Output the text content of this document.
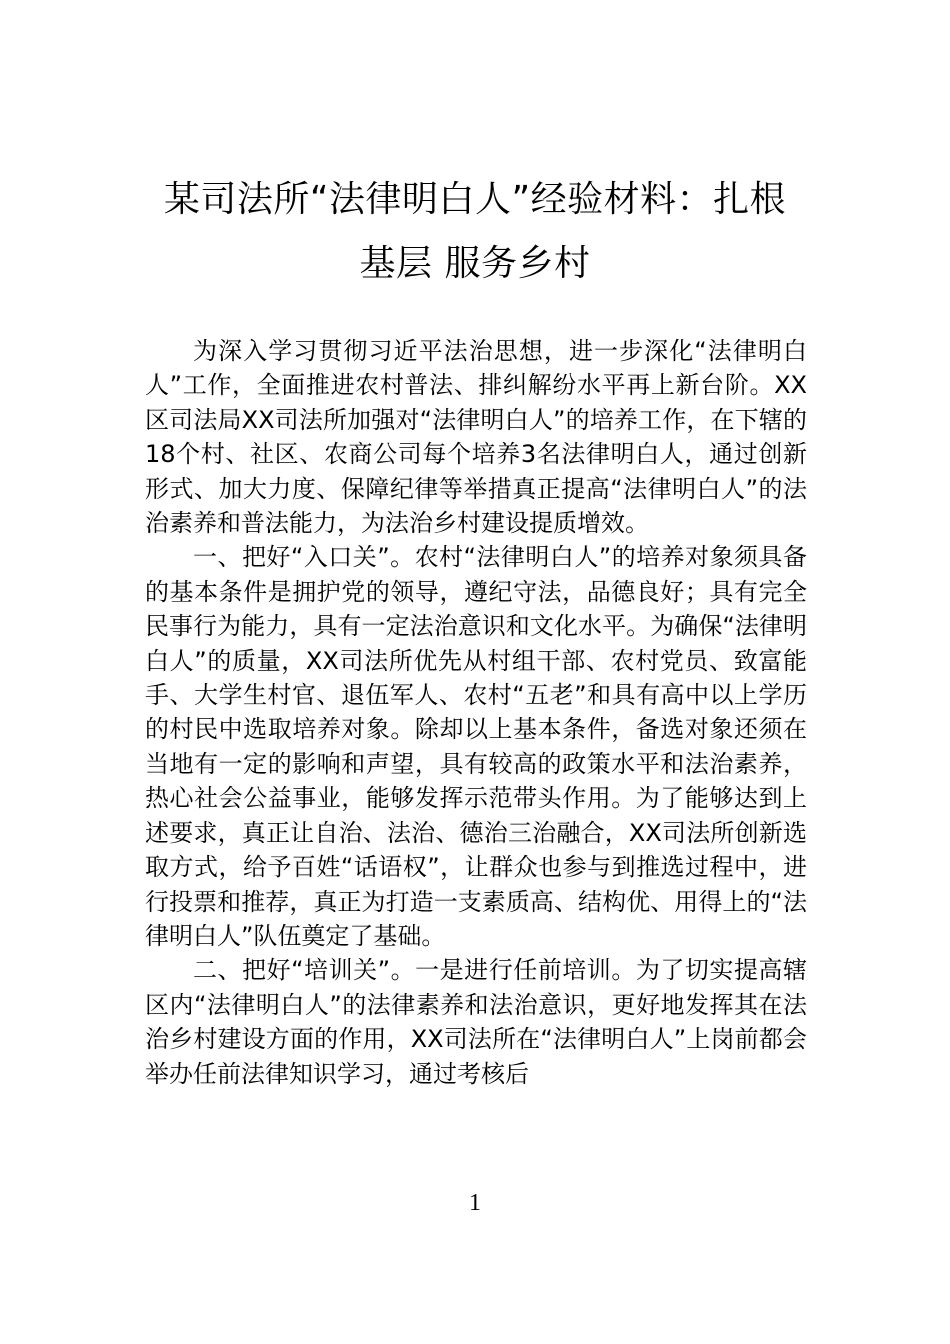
某司法所“法律明白人”经验材料：扎根
基层 服务乡村

为深入学习贯彻习近平法治思想，进一步深化“法律明白人”工作，全面推进农村普法、排纠解纷水平再上新台阶。XX区司法局XX司法所加强对“法律明白人”的培养工作，在下辖的18个村、社区、农商公司每个培养3名法律明白人，通过创新形式、加大力度、保障纪律等举措真正提高“法律明白人”的法治素养和普法能力，为法治乡村建设提质增效。

一、把好“入口关”。农村“法律明白人”的培养对象须具备的基本条件是拥护党的领导，遵纪守法，品德良好；具有完全民事行为能力，具有一定法治意识和文化水平。为确保“法律明白人”的质量，XX司法所优先从村组干部、农村党员、致富能手、大学生村官、退伍军人、农村“五老”和具有高中以上学历的村民中选取培养对象。除却以上基本条件，备选对象还须在当地有一定的影响和声望，具有较高的政策水平和法治素养，热心社会公益事业，能够发挥示范带头作用。为了能够达到上述要求，真正让自治、法治、德治三治融合，XX司法所创新选取方式，给予百姓“话语权”，让群众也参与到推选过程中，进行投票和推荐，真正为打造一支素质高、结构优、用得上的“法律明白人”队伍奠定了基础。

二、把好“培训关”。一是进行任前培训。为了切实提高辖区内“法律明白人”的法律素养和法治意识，更好地发挥其在法治乡村建设方面的作用，XX司法所在“法律明白人”上岗前都会举办任前法律知识学习，通过考核后

1
